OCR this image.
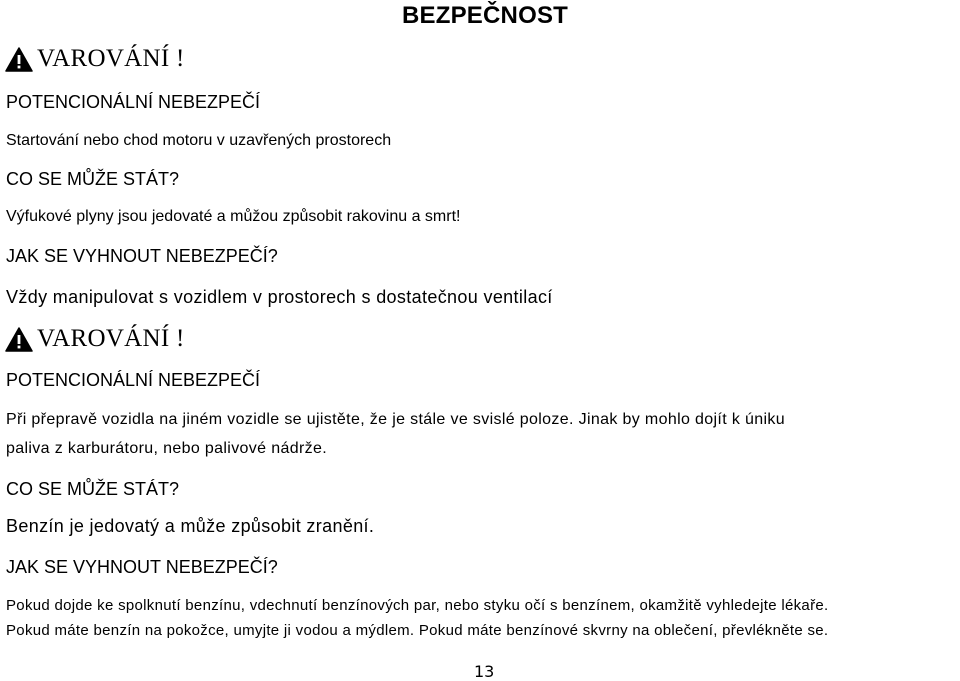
BEZPEČNOST
VAROVÁNÍ !
POTENCIONÁLNÍ NEBEZPEČÍ
Startování nebo chod motoru v uzavřených prostorech
CO SE MŮŽE STÁT?
Výfukové plyny jsou jedovaté a můžou způsobit rakovinu a smrt!
JAK SE VYHNOUT NEBEZPEČÍ?
Vždy manipulovat s vozidlem v prostorech s dostatečnou ventilací
VAROVÁNÍ !
POTENCIONÁLNÍ NEBEZPEČÍ
Při přepravě vozidla na jiném vozidle se ujistěte, že je stále ve svislé poloze. Jinak by mohlo dojít k úniku
paliva z karburátoru, nebo palivové nádrže.
CO SE MŮŽE STÁT?
Benzín je jedovatý a může způsobit zranění.
JAK SE VYHNOUT NEBEZPEČÍ?
Pokud dojde ke spolknutí benzínu, vdechnutí benzínových par, nebo styku očí s benzínem, okamžitě vyhledejte lékaře.
Pokud máte benzín na pokožce, umyjte ji vodou a mýdlem. Pokud máte benzínové skvrny na oblečení, převlékněte se.
13
